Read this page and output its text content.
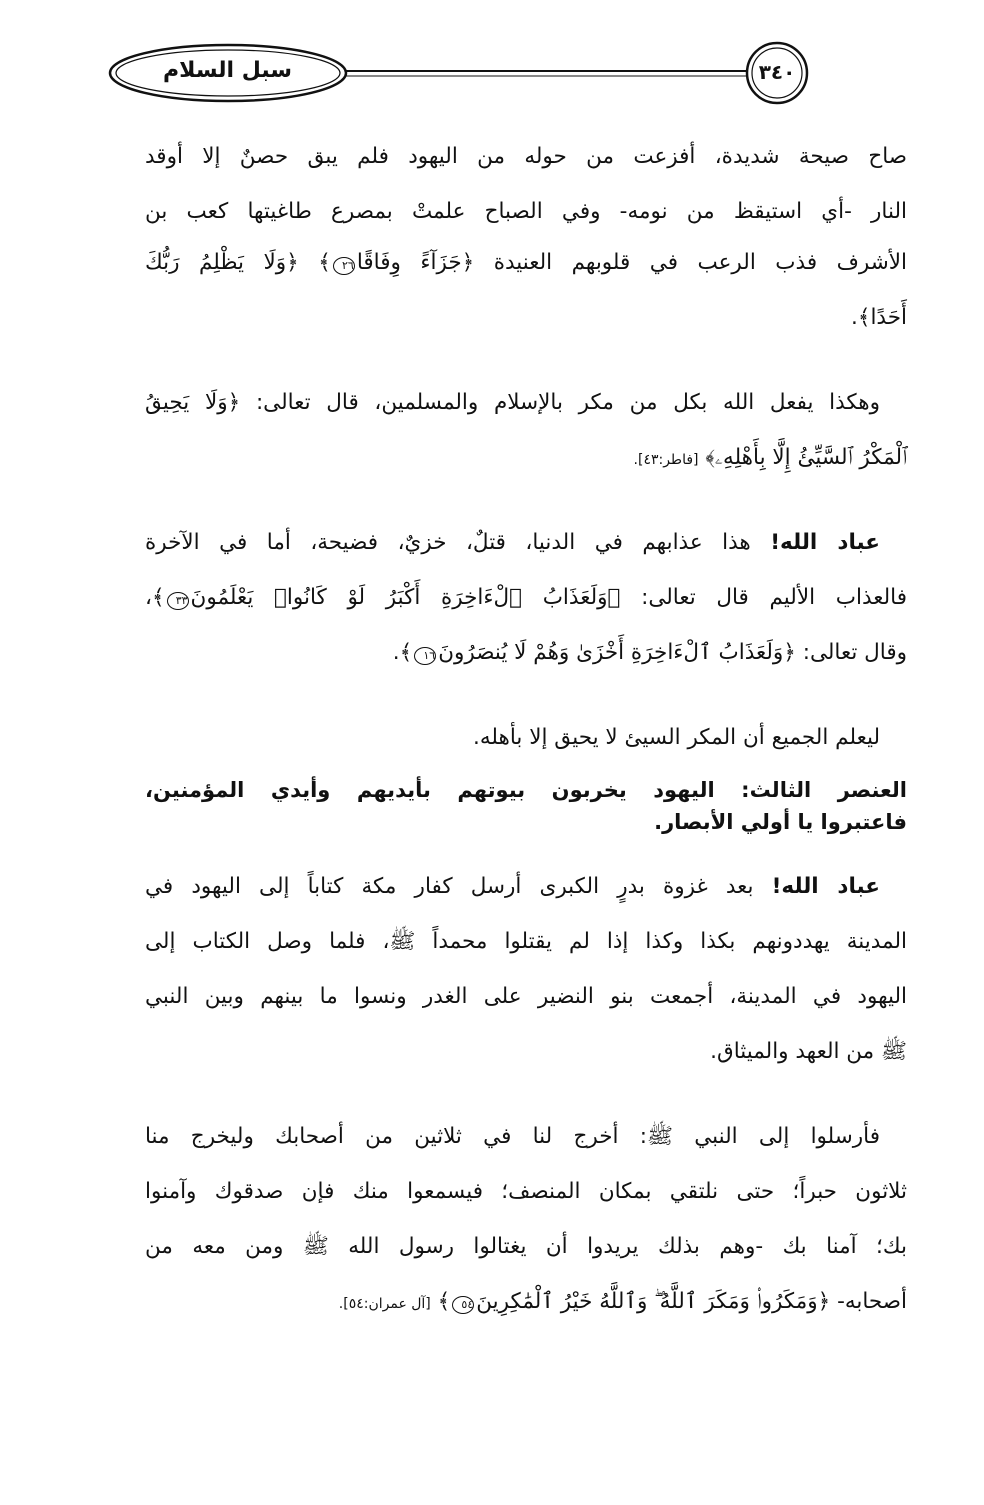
سبل السلام	٣٤٠
صاح صيحة شديدة، أفزعت من حوله من اليهود فلم يبق حصنٌ إلا أوقد
النار -أي استيقظ من نومه- وفي الصباح علمتْ بمصرع طاغيتها كعب بن
الأشرف فذب الرعب في قلوبهم العنيدة ﴿جَزَآءً وِفَاقًا٢٦﴾ ﴿وَلَا يَظْلِمُ رَبُّكَ
أَحَدًا﴾.
وهكذا يفعل الله بكل من مكر بالإسلام والمسلمين، قال تعالى: ﴿وَلَا يَحِيقُ
ٱلْمَكْرُ ٱلسَّيِّئُ إِلَّا بِأَهْلِهِۦ﴾ [فاطر:٤٣].
عباد الله! هذا عذابهم في الدنيا، قتلٌ، خزيٌ، فضيحة، أما في الآخرة
فالعذاب الأليم قال تعالى: ﴿وَلَعَذَابُ ٱلْءَاخِرَةِ أَكْبَرُ لَوْ كَانُوا۟ يَعْلَمُونَ٣٣﴾،
وقال تعالى: ﴿وَلَعَذَابُ ٱلْءَاخِرَةِ أَخْزَىٰ وَهُمْ لَا يُنصَرُونَ١٦﴾.
ليعلم الجميع أن المكر السيئ لا يحيق إلا بأهله.
العنصر الثالث: اليهود يخربون بيوتهم بأيديهم وأيدي المؤمنين،
فاعتبروا يا أولي الأبصار.
عباد الله! بعد غزوة بدرٍ الكبرى أرسل كفار مكة كتاباً إلى اليهود في
المدينة يهددونهم بكذا وكذا إذا لم يقتلوا محمداً ﷺ، فلما وصل الكتاب إلى
اليهود في المدينة، أجمعت بنو النضير على الغدر ونسوا ما بينهم وبين النبي
ﷺ من العهد والميثاق.
فأرسلوا إلى النبي ﷺ: أخرج لنا في ثلاثين من أصحابك وليخرج منا
ثلاثون حبراً؛ حتى نلتقي بمكان المنصف؛ فيسمعوا منك فإن صدقوك وآمنوا
بك؛ آمنا بك -وهم بذلك يريدوا أن يغتالوا رسول الله ﷺ ومن معه من
أصحابه- ﴿وَمَكَرُوا۟ وَمَكَرَ ٱللَّهُ ۖ وَٱللَّهُ خَيْرُ ٱلْمَٰكِرِينَ٥٤﴾ [آل عمران:٥٤].
